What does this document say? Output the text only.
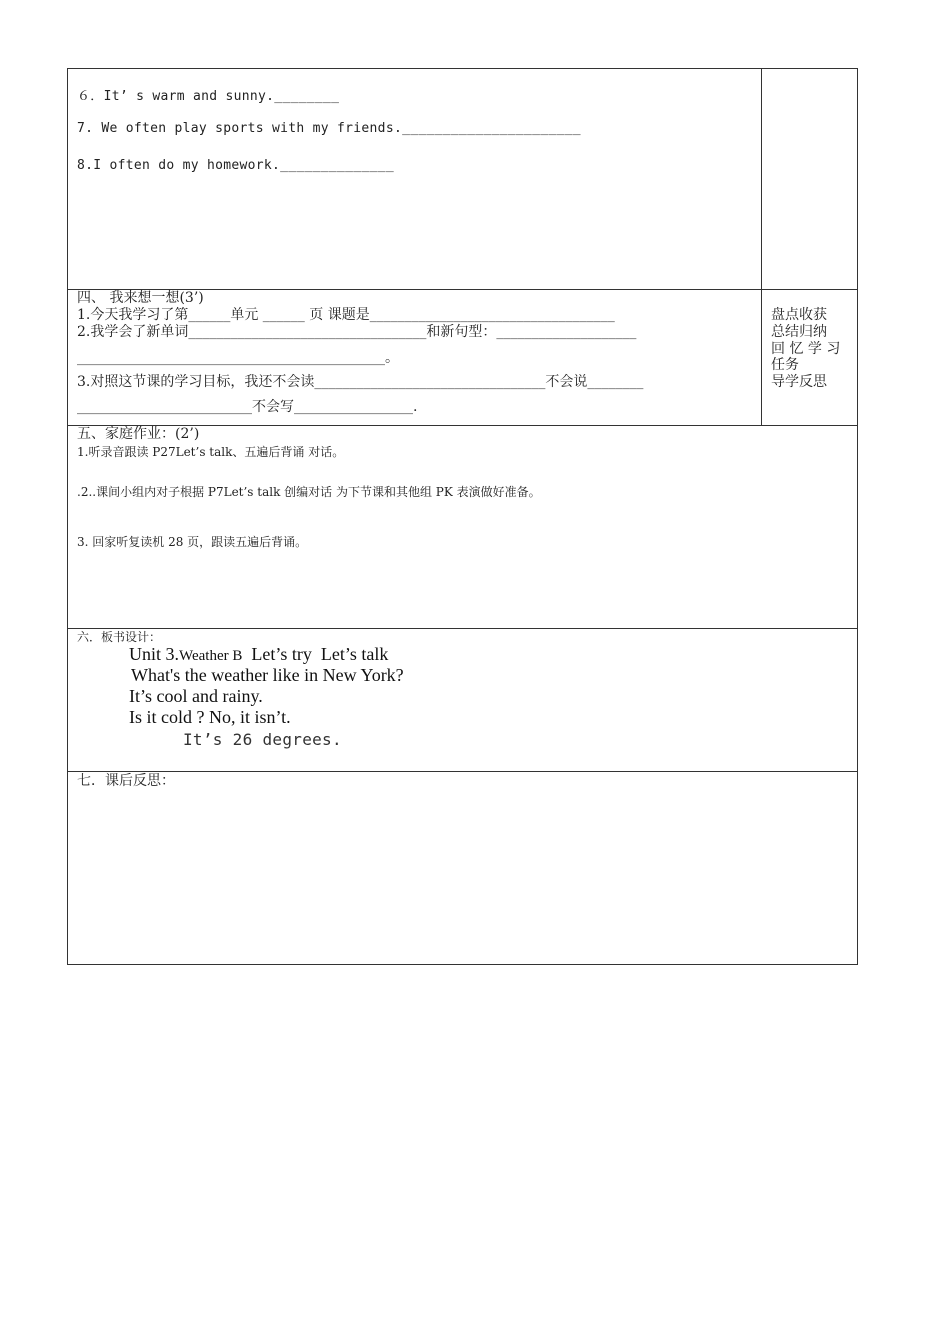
６．It’ s warm and sunny.________
7. We often play sports with my friends.______________________
8.I often do my homework.______________
四、 我来想一想(3’)
1.今天我学习了第______单元 ______ 页 课题是___________________________________
2.我学会了新单词__________________________________和新句型：____________________
____________________________________________。
3.对照这节课的学习目标，我还不会读_________________________________不会说________
_________________________不会写_________________.
盘点收获
总结归纳
回 忆 学 习
任务
导学反思
五、家庭作业：(2’)
1.听录音跟读 P27Let’s talk、五遍后背诵 对话。
.2..课间小组内对子根据 P7Let’s talk 创编对话 为下节课和其他组 PK 表演做好准备。
3. 回家听复读机 28 页，跟读五遍后背诵。
六．板书设计：
Unit 3.Weather B  Let’s try  Let’s talk
What's the weather like in New York?
It’s cool and rainy.
Is it cold ? No, it isn’t.
It’s 26 degrees.
七．课后反思：
